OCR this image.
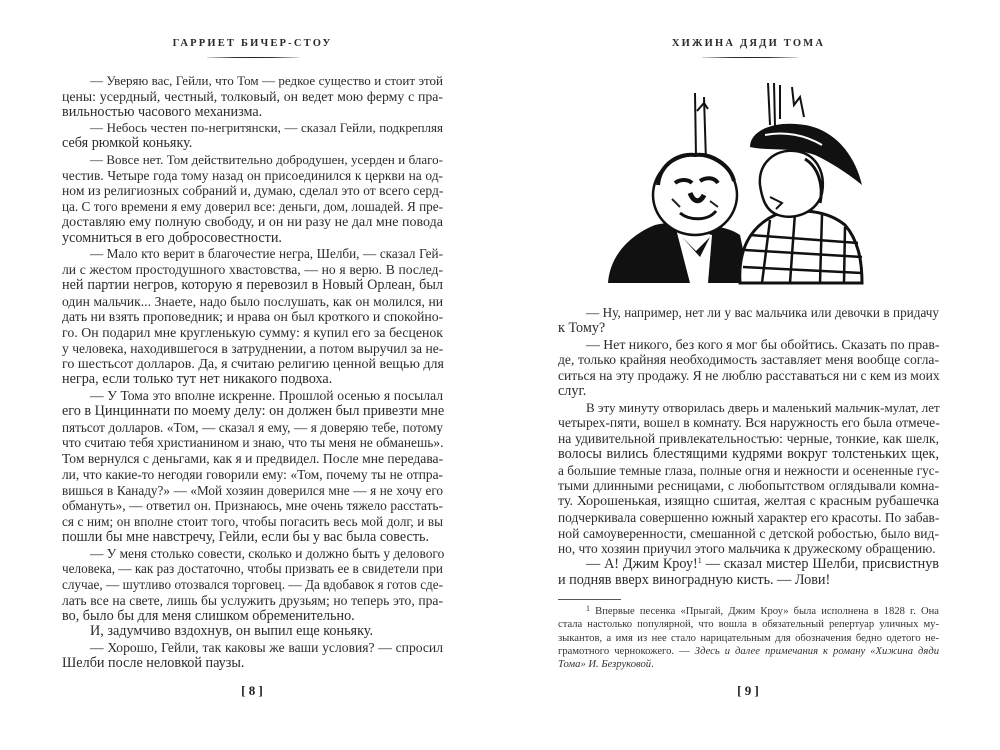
ГАРРИЕТ БИЧЕР-СТОУ
— Уверяю вас, Гейли, что Том — редкое существо и стоит этой
цены: усердный, честный, толковый, он ведет мою ферму с пра-
вильностью часового механизма.
— Небось честен по-негритянски, — сказал Гейли, подкрепляя
себя рюмкой коньяку.
— Вовсе нет. Том действительно добродушен, усерден и благо-
честив. Четыре года тому назад он присоединился к церкви на од-
ном из религиозных собраний и, думаю, сделал это от всего серд-
ца. С того времени я ему доверил все: деньги, дом, лошадей. Я пре-
доставляю ему полную свободу, и он ни разу не дал мне повода
усомниться в его добросовестности.
— Мало кто верит в благочестие негра, Шелби, — сказал Гей-
ли с жестом простодушного хвастовства, — но я верю. В послед-
ней партии негров, которую я перевозил в Новый Орлеан, был
один мальчик... Знаете, надо было послушать, как он молился, ни
дать ни взять проповедник; и нрава он был кроткого и спокойно-
го. Он подарил мне кругленькую сумму: я купил его за бесценок
у человека, находившегося в затруднении, а потом выручил за не-
го шестьсот долларов. Да, я считаю религию ценной вещью для
негра, если только тут нет никакого подвоха.
— У Тома это вполне искренне. Прошлой осенью я посылал
его в Цинциннати по моему делу: он должен был привезти мне
пятьсот долларов. «Том, — сказал я ему, — я доверяю тебе, потому
что считаю тебя христианином и знаю, что ты меня не обманешь».
Том вернулся с деньгами, как я и предвидел. После мне передава-
ли, что какие-то негодяи говорили ему: «Том, почему ты не отпра-
вишься в Канаду?» — «Мой хозяин доверился мне — я не хочу его
обмануть», — ответил он. Признаюсь, мне очень тяжело расстать-
ся с ним; он вполне стоит того, чтобы погасить весь мой долг, и вы
пошли бы мне навстречу, Гейли, если бы у вас была совесть.
— У меня столько совести, сколько и должно быть у делового
человека, — как раз достаточно, чтобы призвать ее в свидетели при
случае, — шутливо отозвался торговец. — Да вдобавок я готов сде-
лать все на свете, лишь бы услужить друзьям; но теперь это, пра-
во, было бы для меня слишком обременительно.
И, задумчиво вздохнув, он выпил еще коньяку.
— Хорошо, Гейли, так каковы же ваши условия? — спросил
Шелби после неловкой паузы.
[ 8 ]
ХИЖИНА ДЯДИ ТОМА
— Ну, например, нет ли у вас мальчика или девочки в придачу
к Тому?
— Нет никого, без кого я мог бы обойтись. Сказать по прав-
де, только крайняя необходимость заставляет меня вообще согла-
ситься на эту продажу. Я не люблю расставаться ни с кем из моих
слуг.
В эту минуту отворилась дверь и маленький мальчик-мулат, лет
четырех-пяти, вошел в комнату. Вся наружность его была отмече-
на удивительной привлекательностью: черные, тонкие, как шелк,
волосы вились блестящими кудрями вокруг толстеньких щек,
а большие темные глаза, полные огня и нежности и осененные гус-
тыми длинными ресницами, с любопытством оглядывали комна-
ту. Хорошенькая, изящно сшитая, желтая с красным рубашечка
подчеркивала совершенно южный характер его красоты. По забав-
ной самоуверенности, смешанной с детской робостью, было вид-
но, что хозяин приучил этого мальчика к дружескому обращению.
— А! Джим Кроу!$^1$ — сказал мистер Шелби, присвистнув
и подняв вверх виноградную кисть. — Лови!
$^1$ Впервые песенка «Прыгай, Джим Кроу» была исполнена в 1828 г. Она
стала настолько популярной, что вошла в обязательный репертуар уличных му-
зыкантов, а имя из нее стало нарицательным для обозначения бедно одетого не-
грамотного чернокожего. — Здесь и далее примечания к роману «Хижина дяди
Тома» И. Безруковой.
[ 9 ]
